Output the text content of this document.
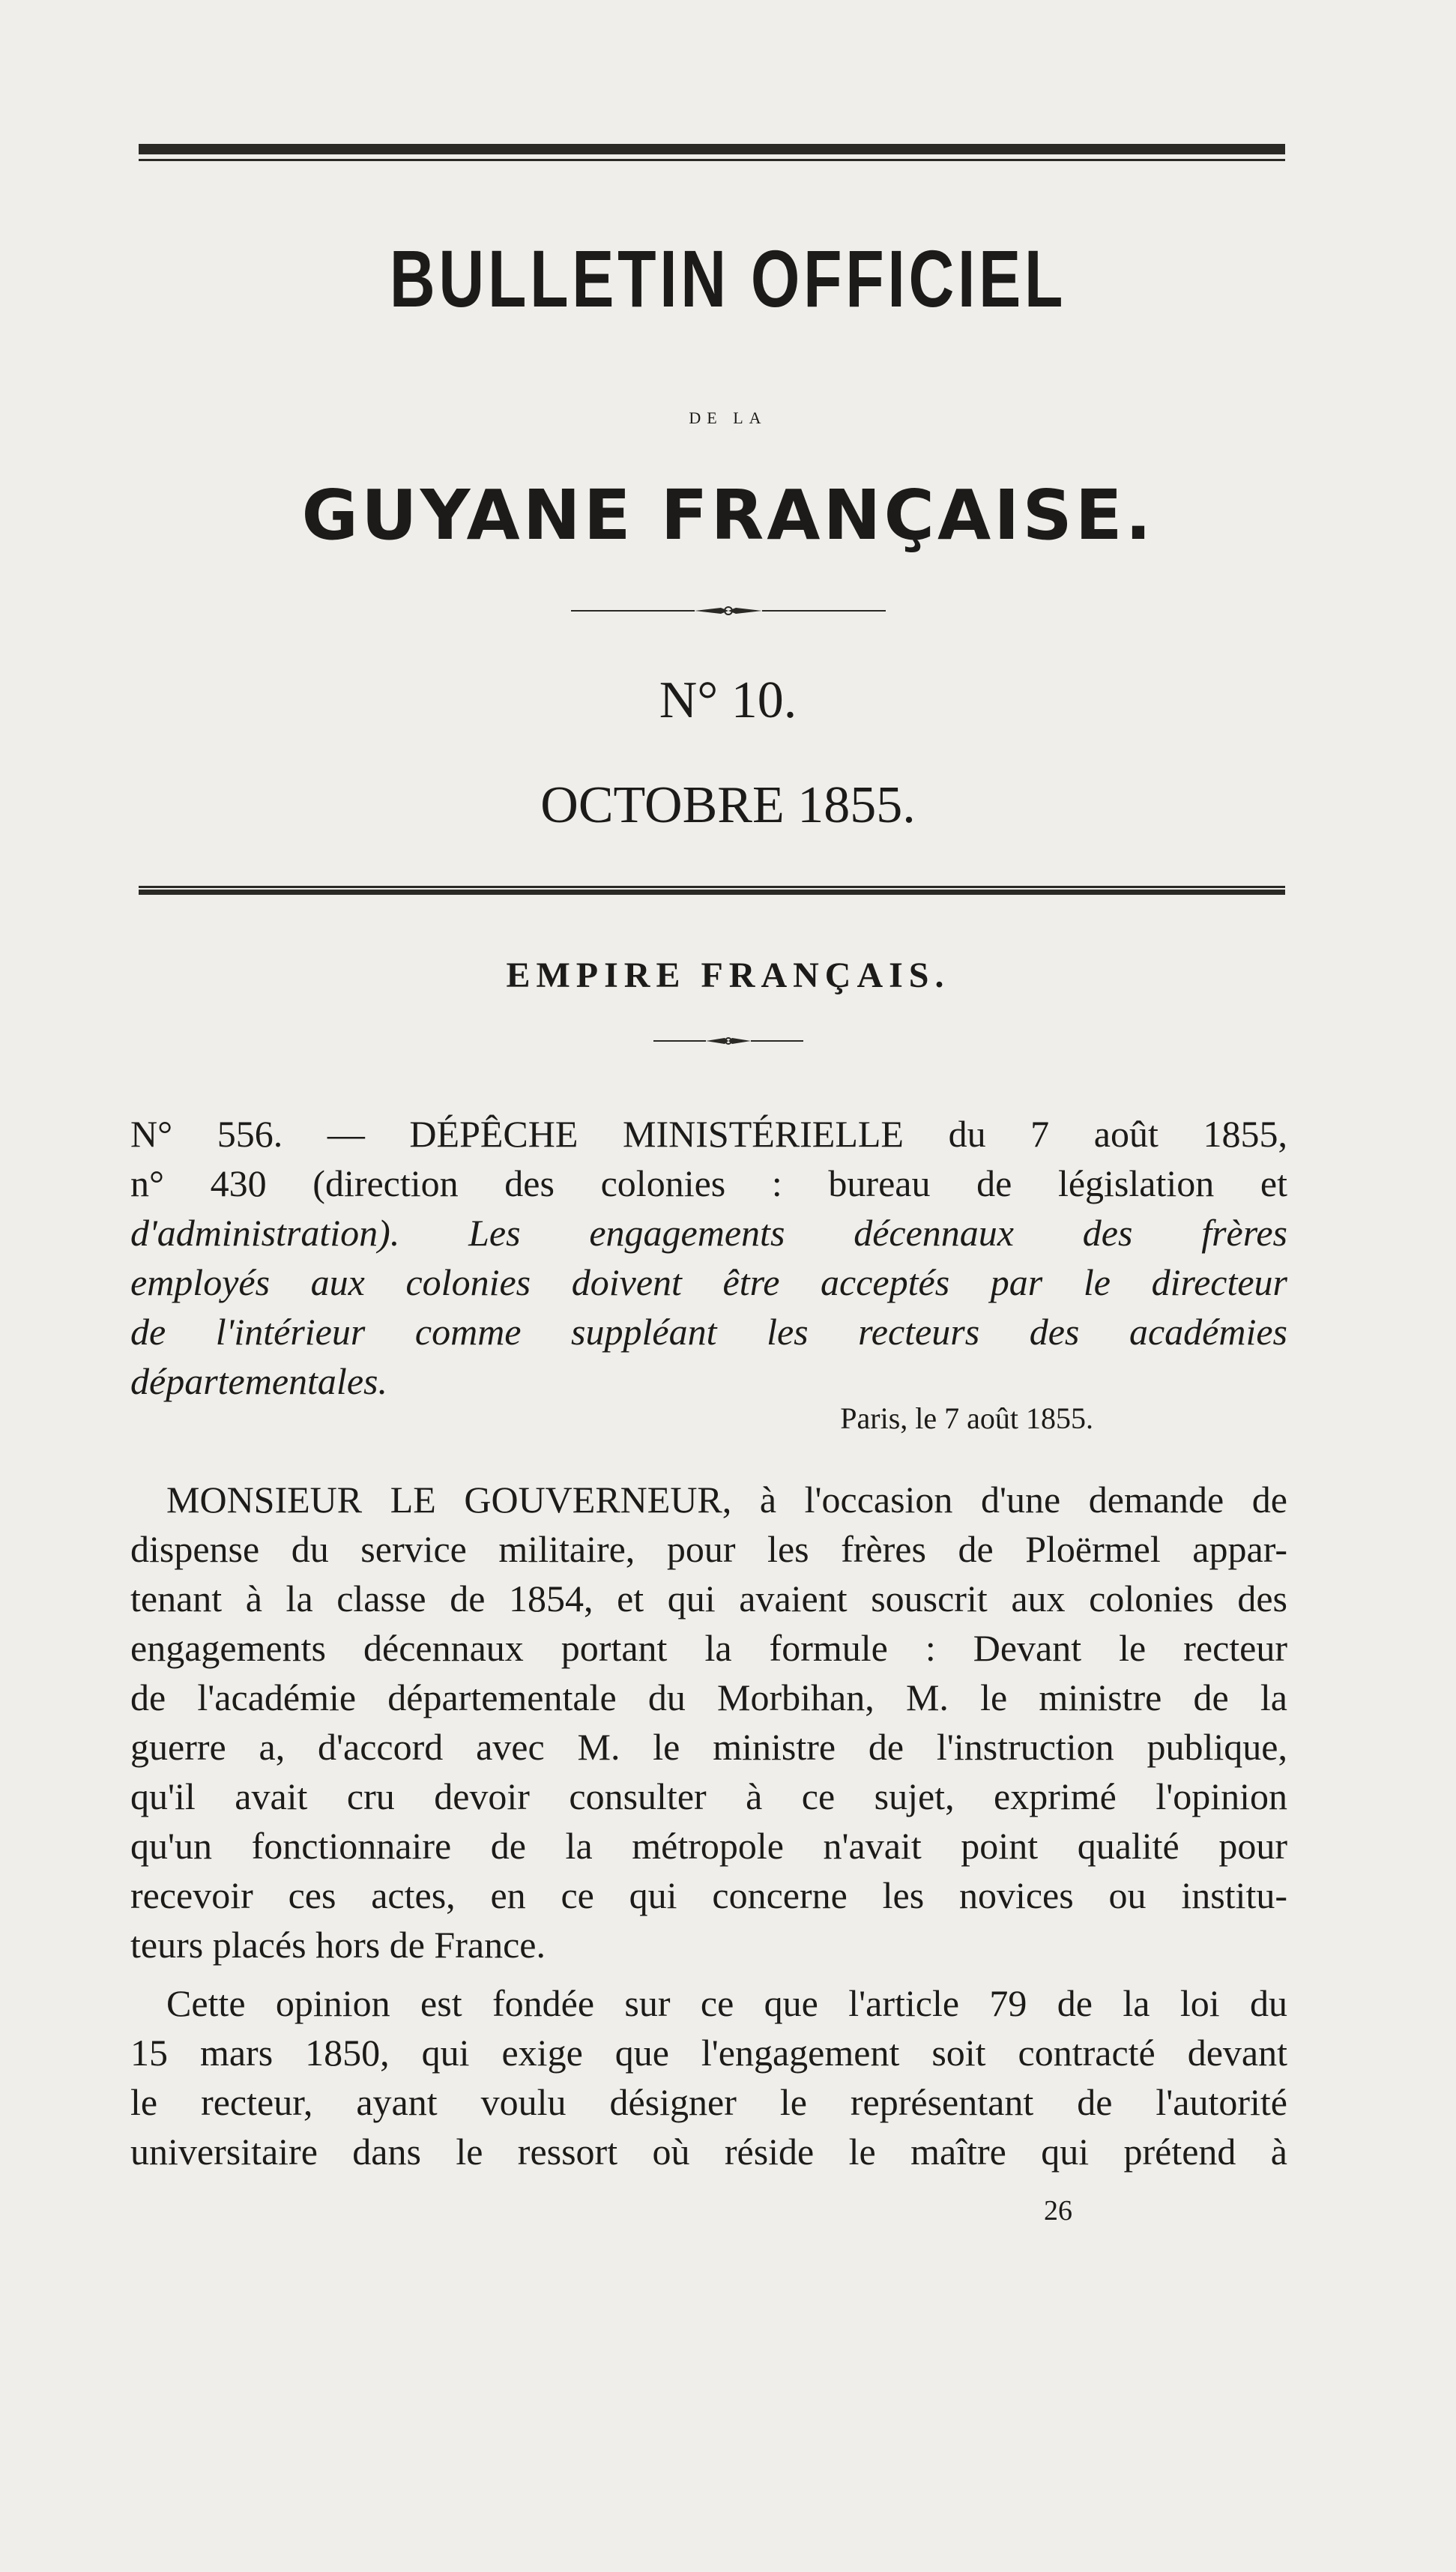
BULLETIN OFFICIEL
DE LA
GUYANE FRANÇAISE.
N° 10.
OCTOBRE 1855.
EMPIRE FRANÇAIS.
N° 556. — DÉPÊCHE MINISTÉRIELLE du 7 août 1855,
n° 430 (direction des colonies : bureau de législation et
d'administration). Les engagements décennaux des frères
employés aux colonies doivent être acceptés par le directeur
de l'intérieur comme suppléant les recteurs des académies
départementales.
Paris, le 7 août 1855.
MONSIEUR LE GOUVERNEUR, à l'occasion d'une demande de
dispense du service militaire, pour les frères de Ploërmel appar-
tenant à la classe de 1854, et qui avaient souscrit aux colonies des
engagements décennaux portant la formule : Devant le recteur
de l'académie départementale du Morbihan, M. le ministre de la
guerre a, d'accord avec M. le ministre de l'instruction publique,
qu'il avait cru devoir consulter à ce sujet, exprimé l'opinion
qu'un fonctionnaire de la métropole n'avait point qualité pour
recevoir ces actes, en ce qui concerne les novices ou institu-
teurs placés hors de France.
Cette opinion est fondée sur ce que l'article 79 de la loi du
15 mars 1850, qui exige que l'engagement soit contracté devant
le recteur, ayant voulu désigner le représentant de l'autorité
universitaire dans le ressort où réside le maître qui prétend à
26
